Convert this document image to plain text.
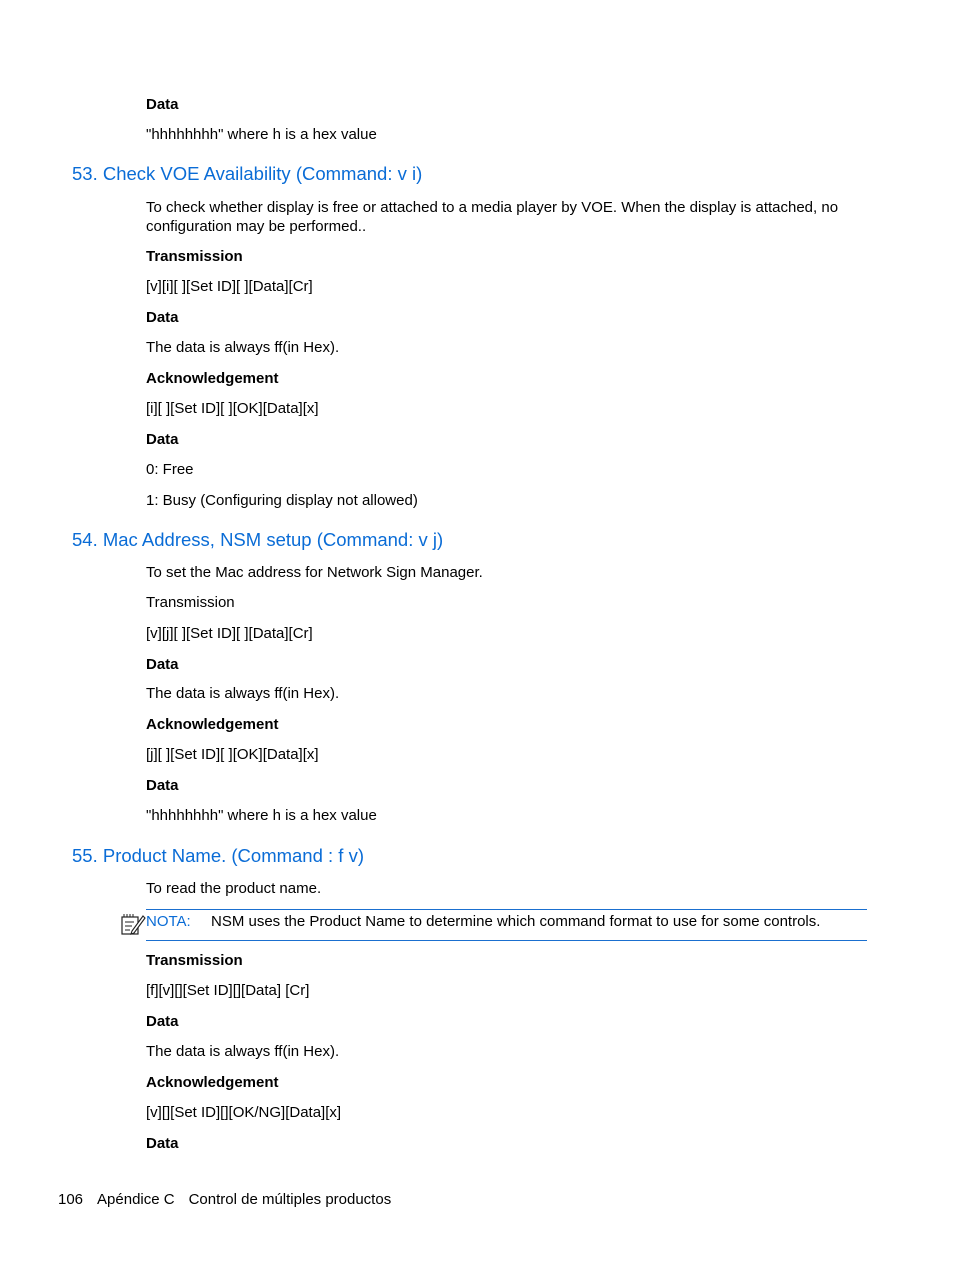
Data
"hhhhhhhh" where h is a hex value
53. Check VOE Availability (Command: v i)
To check whether display is free or attached to a media player by VOE. When the display is attached, no configuration may be performed..
Transmission
[v][i][ ][Set ID][ ][Data][Cr]
Data
The data is always ff(in Hex).
Acknowledgement
[i][ ][Set ID][ ][OK][Data][x]
Data
0: Free
1: Busy (Configuring display not allowed)
54. Mac Address, NSM setup (Command: v j)
To set the Mac address for Network Sign Manager.
Transmission
[v][j][ ][Set ID][ ][Data][Cr]
Data
The data is always ff(in Hex).
Acknowledgement
[j][ ][Set ID][ ][OK][Data][x]
Data
"hhhhhhhh" where h is a hex value
55. Product Name. (Command : f v)
To read the product name.
NOTA: NSM uses the Product Name to determine which command format to use for some controls.
Transmission
[f][v][][Set ID][][Data] [Cr]
Data
The data is always ff(in Hex).
Acknowledgement
[v][][Set ID][][OK/NG][Data][x]
Data
106 Apéndice C Control de múltiples productos
